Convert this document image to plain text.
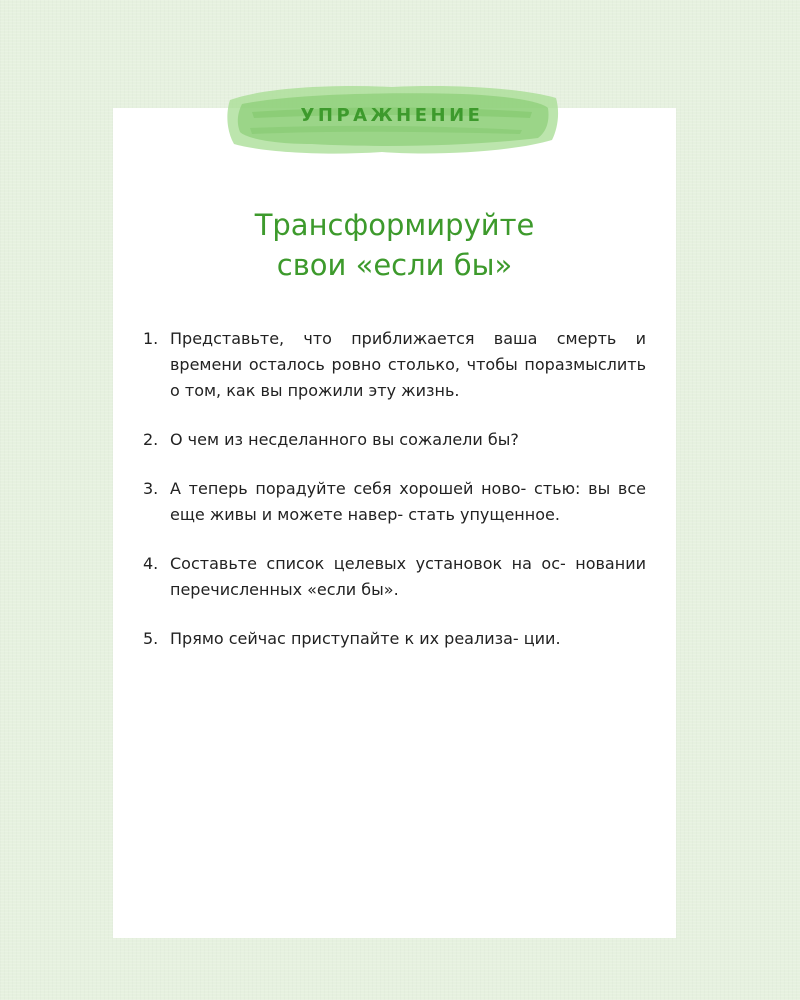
УПРАЖНЕНИЕ
Трансформируйте
свои «если бы»
1. Представьте, что приближается ваша смерть и времени осталось ровно столько, чтобы поразмыслить о том, как вы прожили эту жизнь.
2. О чем из несделанного вы сожалели бы?
3. А теперь порадуйте себя хорошей ново- стью: вы все еще живы и можете навер- стать упущенное.
4. Составьте список целевых установок на ос- новании перечисленных «если бы».
5. Прямо сейчас приступайте к их реализа- ции.
